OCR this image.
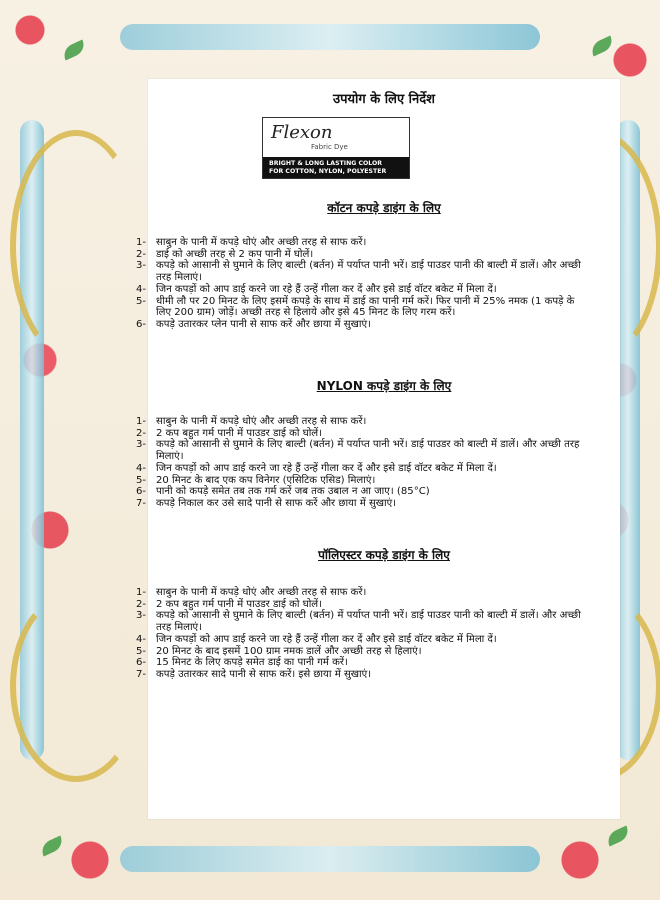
उपयोग के लिए निर्देश
Flexon
Fabric Dye
BRIGHT & LONG LASTING COLOR
FOR COTTON, NYLON, POLYESTER
कॉटन कपड़े डाइंग के लिए
1- साबुन के पानी में कपड़े धोएं और अच्छी तरह से साफ करें।
2- डाई को अच्छी तरह से 2 कप पानी में घोलें।
3- कपड़े को आसानी से घुमाने के लिए बाल्टी (बर्तन) में पर्याप्त पानी भरें। डाई पाउडर पानी की बाल्टी में डालें। और अच्छी तरह मिलाएं।
4- जिन कपड़ों को आप डाई करने जा रहे हैं उन्हें गीला कर दें और इसे डाई वॉटर बकेट में मिला दें।
5- धीमी लौ पर 20 मिनट के लिए इसमें कपड़े के साथ में डाई का पानी गर्म करें। फिर पानी में 25% नमक (1 कपड़े के लिए 200 ग्राम) जोड़ें। अच्छी तरह से हिलाये और इसे 45 मिनट के लिए गरम करें।
6- कपड़े उतारकर प्लेन पानी से साफ करें और छाया में सुखाएं।
NYLON कपड़े डाइंग के लिए
1- साबुन के पानी में कपड़े धोएं और अच्छी तरह से साफ करें।
2- 2 कप बहुत गर्म पानी में पाउडर डाई को घोलें।
3- कपड़े को आसानी से घुमाने के लिए बाल्टी (बर्तन) में पर्याप्त पानी भरें। डाई पाउडर को बाल्टी में डालें। और अच्छी तरह मिलाएं।
4- जिन कपड़ों को आप डाई करने जा रहे हैं उन्हें गीला कर दें और इसे डाई वॉटर बकेट में मिला दें।
5- 20 मिनट के बाद एक कप विनेगर (एसिटिक एसिड) मिलाएं।
6- पानी को कपड़े समेत तब तक गर्म करें जब तक उबाल न आ जाए। (85°C)
7- कपड़े निकाल कर उसे सादे पानी से साफ करें और छाया में सुखाएं।
पॉलिएस्टर कपड़े डाइंग के लिए
1- साबुन के पानी में कपड़े धोएं और अच्छी तरह से साफ करें।
2- 2 कप बहुत गर्म पानी में पाउडर डाई को घोलें।
3- कपड़े को आसानी से घुमाने के लिए बाल्टी (बर्तन) में पर्याप्त पानी भरें। डाई पाउडर पानी को बाल्टी में डालें। और अच्छी तरह मिलाएं।
4- जिन कपड़ों को आप डाई करने जा रहे हैं उन्हें गीला कर दें और इसे डाई वॉटर बकेट में मिला दें।
5- 20 मिनट के बाद इसमें 100 ग्राम नमक डालें और अच्छी तरह से हिलाएं।
6- 15 मिनट के लिए कपड़े समेत डाई का पानी गर्म करें।
7- कपड़े उतारकर सादे पानी से साफ करें। इसे छाया में सुखाएं।
